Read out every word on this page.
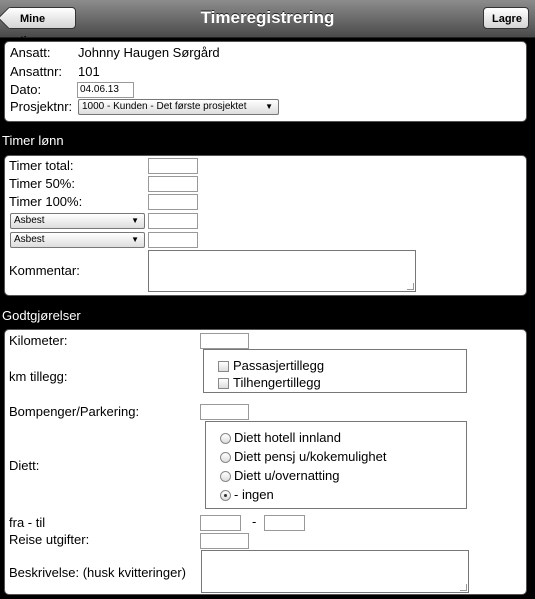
Mine	Timeregistrering	Lagre
Ansatt: Johnny Haugen Sørgård
Ansattnr: 101
Dato:	04.06.13
Prosjektnr: 1000 - Kunden - Det første prosjektet ▼
Timer lønn
Timer total:
Timer 50%:
Timer 100%:
Asbest	▼
Asbest	▼
Kommentar:
Godtgjørelser
Kilometer:
km tillegg:
Passasjertillegg
Tilhengertillegg
Bompenger/Parkering:
Diett:
Diett hotell innland
Diett pensj u/kokemulighet
Diett u/overnatting
- ingen
fra - til	-
Reise utgifter:
Beskrivelse: (husk kvitteringer)
